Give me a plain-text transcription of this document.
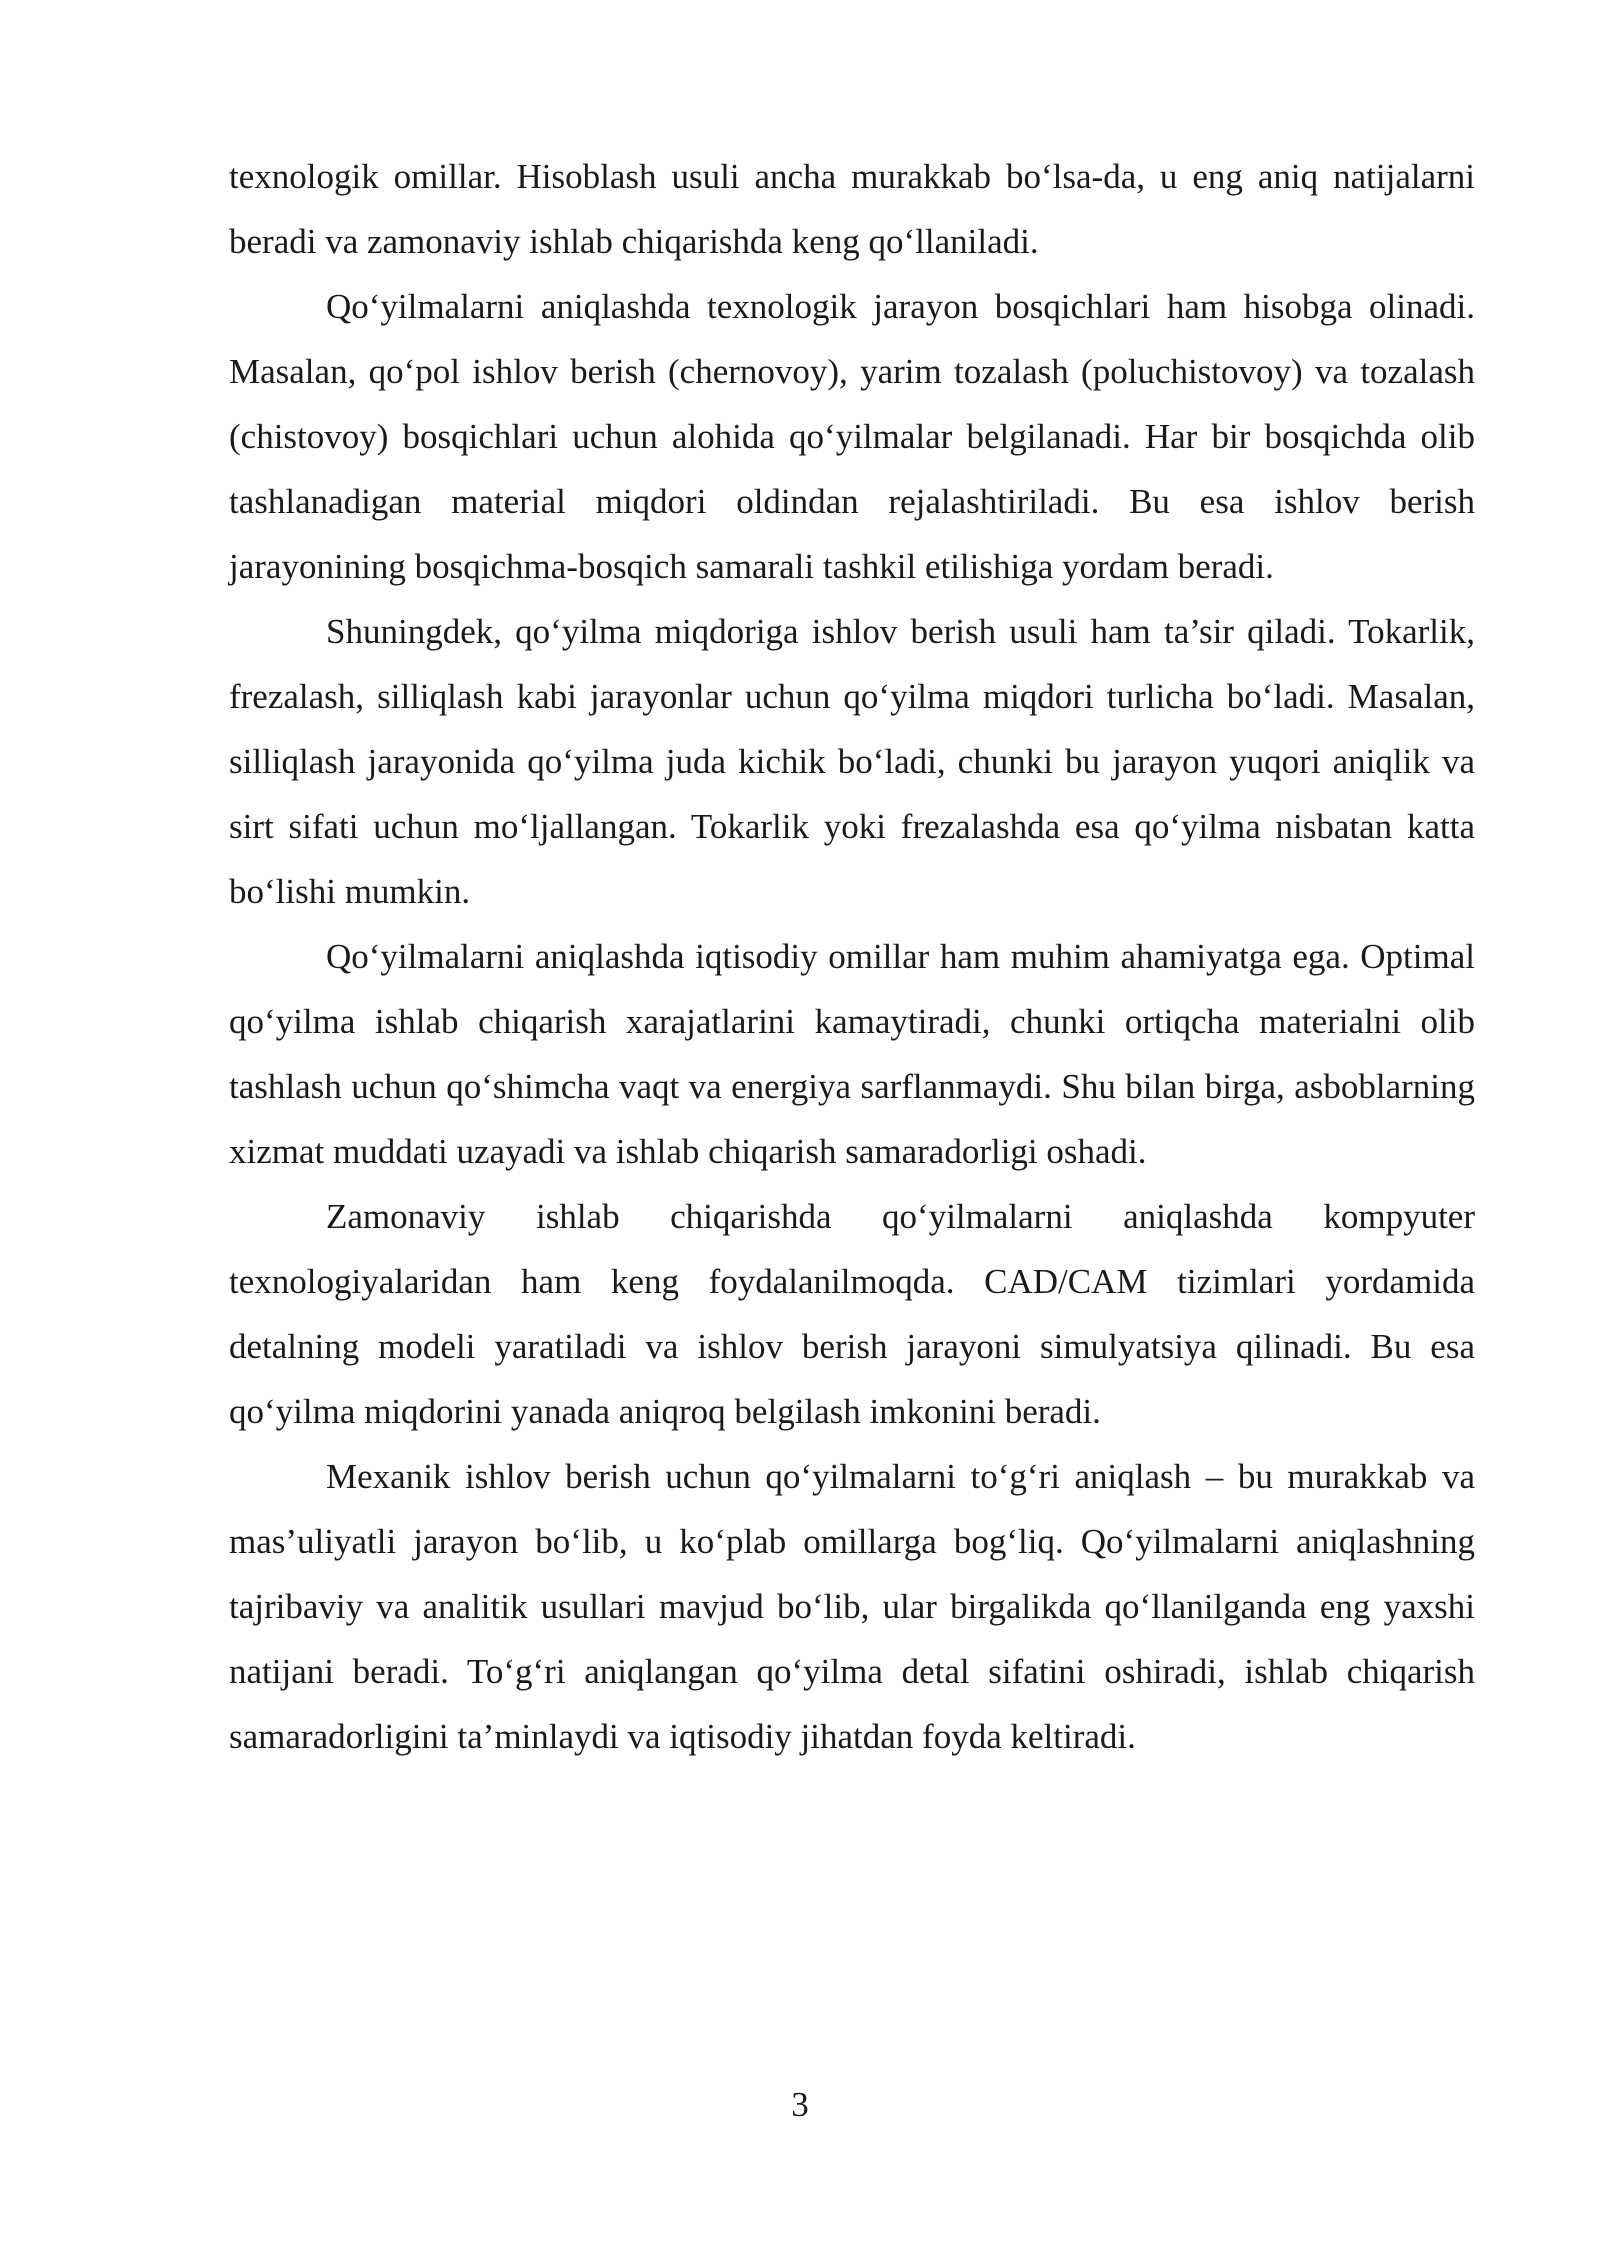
texnologik omillar. Hisoblash usuli ancha murakkab bo‘lsa-da, u eng aniq natijalarni beradi va zamonaviy ishlab chiqarishda keng qo‘llaniladi.

Qo‘yilmalarni aniqlashda texnologik jarayon bosqichlari ham hisobga olinadi. Masalan, qo‘pol ishlov berish (chernovoy), yarim tozalash (poluchistovoy) va tozalash (chistovoy) bosqichlari uchun alohida qo‘yilmalar belgilanadi. Har bir bosqichda olib tashlanadigan material miqdori oldindan rejalashtiriladi. Bu esa ishlov berish jarayonining bosqichma-bosqich samarali tashkil etilishiga yordam beradi.

Shuningdek, qo‘yilma miqdoriga ishlov berish usuli ham ta’sir qiladi. Tokarlik, frezalash, silliqlash kabi jarayonlar uchun qo‘yilma miqdori turlicha bo‘ladi. Masalan, silliqlash jarayonida qo‘yilma juda kichik bo‘ladi, chunki bu jarayon yuqori aniqlik va sirt sifati uchun mo‘ljallangan. Tokarlik yoki frezalashda esa qo‘yilma nisbatan katta bo‘lishi mumkin.

Qo‘yilmalarni aniqlashda iqtisodiy omillar ham muhim ahamiyatga ega. Optimal qo‘yilma ishlab chiqarish xarajatlarini kamaytiradi, chunki ortiqcha materialni olib tashlash uchun qo‘shimcha vaqt va energiya sarflanmaydi. Shu bilan birga, asboblarning xizmat muddati uzayadi va ishlab chiqarish samaradorligi oshadi.

Zamonaviy ishlab chiqarishda qo‘yilmalarni aniqlashda kompyuter texnologiyalaridan ham keng foydalanilmoqda. CAD/CAM tizimlari yordamida detalning modeli yaratiladi va ishlov berish jarayoni simulyatsiya qilinadi. Bu esa qo‘yilma miqdorini yanada aniqroq belgilash imkonini beradi.

Mexanik ishlov berish uchun qo‘yilmalarni to‘g‘ri aniqlash – bu murakkab va mas’uliyatli jarayon bo‘lib, u ko‘plab omillarga bog‘liq. Qo‘yilmalarni aniqlashning tajribaviy va analitik usullari mavjud bo‘lib, ular birgalikda qo‘llanilganda eng yaxshi natijani beradi. To‘g‘ri aniqlangan qo‘yilma detal sifatini oshiradi, ishlab chiqarish samaradorligini ta’minlaydi va iqtisodiy jihatdan foyda keltiradi.

3
